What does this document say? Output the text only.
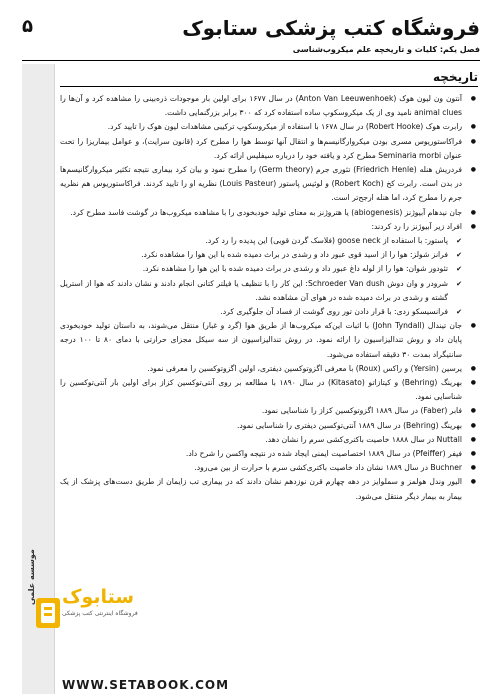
فروشگاه کتب پزشکی ستابوک
۵
فصل یکم: کلیات و تاریخچه علم میکروب‌شناسی
موسسه علمی
تاریخچه
● آنتون ون لیون هوک (Anton Van Leeuwenhoek) در سال ۱۶۷۷ برای اولین بار موجودات ذره‌بینی را مشاهده کرد و آن‌ها را animal clues نامید وی از یک میکروسکوپ ساده استفاده کرد که ۳۰۰ برابر بزرگنمایی داشت.
● رابرت هوک (Robert Hooke) در سال ۱۶۷۸ با استفاده از میکروسکوپ ترکیبی مشاهدات لیون هوک را تایید کرد.
● فراکاستوریوس مسری بودن میکروارگانیسم‌ها و انتقال آنها توسط هوا را مطرح کرد (قانون سرایت)، و عوامل بیماریزا را تحت عنوان Seminaria morbi مطرح کرد و یافته خود را درباره سیفلیس ارائه کرد.
● فردریش هنله (Friedrich Henle) تئوری جرم (Germ theory) را مطرح نمود و بیان کرد بیماری نتیجه تکثیر میکروارگانیسم‌ها در بدن است. رابرت کخ (Robert Koch) و لوئیس پاستور (Louis Pasteur) نظریه او را تایید کردند. فراکاستوریوس هم نظریه جرم را مطرح کرد، اما هنله ارجح‌تر است.
● جان نیدهام آبیوژنز (abiogenesis) یا هتروژنز به معنای تولید خودبخودی را با مشاهده میکروب‌ها در گوشت فاسد مطرح کرد.
● افراد زیر آبیوژنز را رد کردند:
✔ پاستور: با استفاده از goose neck (فلاسک گردن قویی) این پدیده را رد کرد.
✔ فرانز شولز: هوا را از اسید قوی عبور داد و رشدی در براث دمیده شده با این هوا را مشاهده نکرد.
✔ تئودور شوان: هوا را از لوله داغ عبور داد و رشدی در براث دمیده شده با این هوا را مشاهده نکرد.
✔ شرودر و وان دوش Schroeder Van dush: این کار را با تنظیف یا فیلتر کتانی انجام دادند و نشان دادند که هوا از استریل گشته و رشدی در براث دمیده شده در هوای آن مشاهده نشد.
✔ فرانسیسکو ردی: با قرار دادن تور روی گوشت از فساد آن جلوگیری کرد.
● جان تیندال (John Tyndall) با اثبات این‌که میکروب‌ها از طریق هوا (گرد و غبار) منتقل می‌شوند، به داستان تولید خودبخودی پایان داد و روش تندالیزاسیون را ارائه نمود. در روش تندالیزاسیون از سه سیکل مجزای حرارتی با دمای ۸۰ تا ۱۰۰ درجه سانتیگراد بمدت ۳۰ دقیقه استفاده می‌شود.
● یرسین (Yersin) و راکس (Roux) با معرفی اگزوتوکسین دیفتری، اولین اگزوتوکسین را معرفی نمود.
● بهرینگ (Behring) و کیتازاتو (Kitasato) در سال ۱۸۹۰ با مطالعه بر روی آنتی‌توکسین کزاز برای اولین بار آنتی‌توکسین را شناسایی نمود.
● فابر (Faber) در سال ۱۸۸۹ اگزوتوکسین کزاز را شناسایی نمود.
● بهرینگ (Behring) در سال ۱۸۸۹ آنتی‌توکسین دیفتری را شناسایی نمود.
● Nuttall در سال ۱۸۸۸ خاصیت باکتری‌کشی سرم را نشان دهد.
● فیفر (Pfeiffer) در سال ۱۸۸۹ اختصاصیت ایمنی ایجاد شده در نتیجه واکسن را شرح داد.
● Buchner در سال ۱۸۸۹ نشان داد خاصیت باکتری‌کشی سرم با حرارت از بین می‌رود.
● الیور وندل هولمز و سملوایز در دهه چهارم قرن نوزدهم نشان دادند که در بیماری تب زایمان از طریق دست‌های پزشک از یک بیمار به بیمار دیگر منتقل می‌شود.
ستابوک
فروشگاه اینترنتی کتب پزشکی
WWW.SETABOOK.COM
